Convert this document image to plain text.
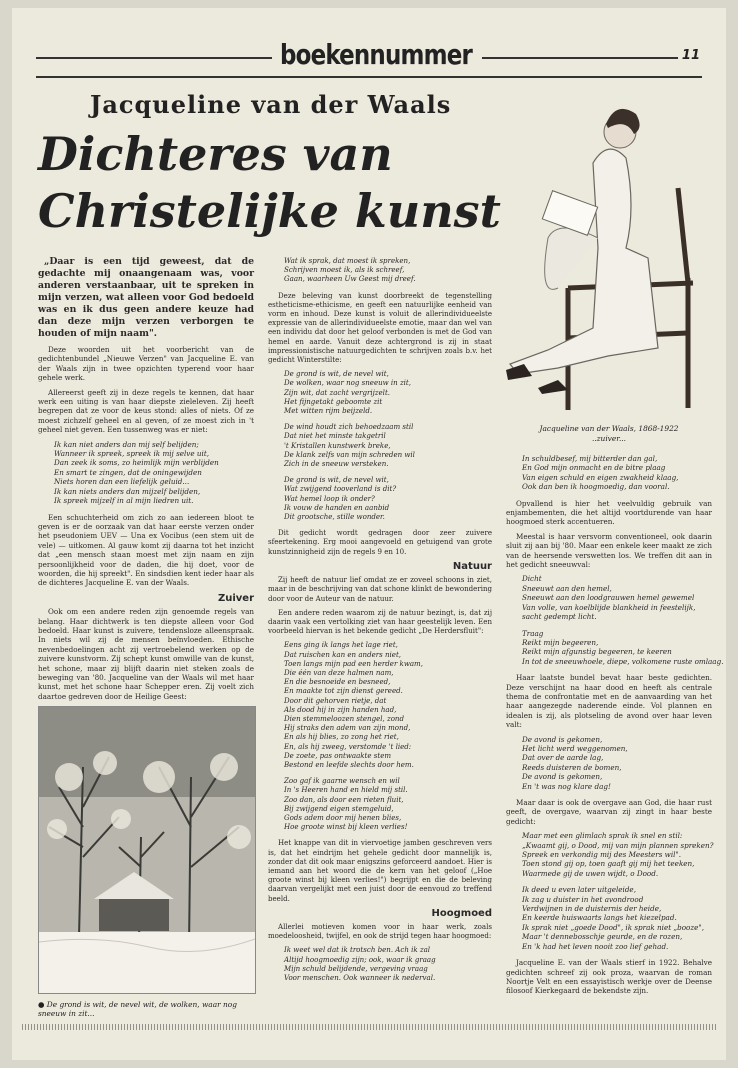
boekennummer	11
Jacqueline van der Waals
Dichteres van
Christelijke kunst

„Daar is een tijd geweest, dat de gedachte mij onaangenaam was, voor anderen verstaanbaar, uit te spreken in mijn verzen, wat alleen voor God bedoeld was en ik dus geen andere keuze had dan deze mijn verzen verborgen te houden of mijn naam".

Deze woorden uit het voorbericht van de gedichtenbundel „Nieuwe Verzen" van Jacqueline E. van der Waals zijn in twee opzichten typerend voor haar gehele werk.

Allereerst geeft zij in deze regels te kennen, dat haar werk een uiting is van haar diepste zieleleven. Zij heeft begrepen dat ze voor de keus stond: alles of niets. Of ze moest zichzelf geheel en al geven, of ze moest zich in 't geheel niet geven. Een tussenweg was er niet:

Ik kan niet anders dan mij self belijden;
Wanneer ik spreek, spreek ik mij selve uit,
Dan zeek ik soms, zo heimlijk mijn verblijden
En smart te zingen, dat de oningewijden
Niets horen dan een liefelijk geluid...
Ik kan niets anders dan mijzelf belijden,
Ik spreek mijzelf in al mijn liedren uit.

Een schuchterheid om zich zo aan iedereen bloot te geven is er de oorzaak van dat haar eerste verzen onder het pseudoniem UEV — Una ex Vocibus (een stem uit de vele) — uitkomen. Al gauw komt zij daarna tot het inzicht dat „een mensch staan moest met zijn naam en zijn persoonlijkheid voor de daden, die hij doet, voor de woorden, die hij spreekt". En sindsdien kent ieder haar als de dichteres Jacqueline E. van der Waals.

Zuiver

Ook om een andere reden zijn genoemde regels van belang. Haar dichtwerk is ten diepste alleen voor God bedoeld. Haar kunst is zuivere, tendensloze alleenspraak. In niets wil zij de mensen beïnvloeden. Ethische nevenbedoelingen acht zij vertroebelend werken op de zuivere kunstvorm. Zij schept kunst omwille van de kunst, het schone, maar zij blijft daarin niet steken zoals de beweging van '80. Jacqueline van der Waals wil met haar kunst, met het schone haar Schepper eren. Zij voelt zich daartoe gedreven door de Heilige Geest:

● De grond is wit, de nevel wit, de wolken, waar nog sneeuw in zit...
Wat ik sprak, dat moest ik spreken,
Schrijven moest ik, als ik schreef,
Gaan, waarheen Uw Geest mij dreef.

Deze beleving van kunst doorbreekt de tegenstelling estheticisme-ethicisme, en geeft een natuurlijke eenheid van vorm en inhoud. Deze kunst is voluit de allerindividueelste expressie van de allerindividueelste emotie, maar dan wel van een individu dat door het geloof verbonden is met de God van hemel en aarde. Vanuit deze achtergrond is zij in staat impressionistische natuurgedichten te schrijven zoals b.v. het gedicht Winterstilte:

De grond is wit, de nevel wit,
De wolken, waar nog sneeuw in zit,
Zijn wit, dat zacht vergrijzelt.
Het fijngetakt geboomte zit
Met witten rijm beijzeld.
De wind houdt zich behoedzaam stil
Dat niet het minste takgetril
't Kristallen kunstwerk breke,
De klank zelfs van mijn schreden wil
Zich in de sneeuw versteken.
De grond is wit, de nevel wit,
Wat zwijgend tooverland is dit?
Wat hemel loop ik onder?
Ik vouw de handen en aanbid
Dit grootsche, stille wonder.

Dit gedicht wordt gedragen door zeer zuivere sfeertekening. Erg mooi aangevoeld en getuigend van grote kunstzinnigheid zijn de regels 9 en 10.

Natuur

Zij heeft de natuur lief omdat ze er zoveel schoons in ziet, maar in de beschrijving van dat schone klinkt de bewondering door voor de Auteur van de natuur.

Een andere reden waarom zij de natuur bezingt, is, dat zij daarin vaak een vertolking ziet van haar geestelijk leven. Een voorbeeld hiervan is het bekende gedicht „De Herdersfluit":

Eens ging ik langs het lage riet,
Dat ruischen kan en anders niet,
Toen langs mijn pad een herder kwam,
Die één van deze halmen nam,
En die besnoeide en besneed,
En maakte tot zijn dienst gereed.
Door dit gehorven rietje, dat
Als dood hij in zijn handen had,
Dien stemmeloozen stengel, zond
Hij straks den adem van zijn mond,
En als hij blies, zo zong het riet,
En, als hij zweeg, verstomde 't lied:
De zoete, pas ontwaakte stem
Bestond en leefde slechts door hem.
Zoo gaf ik gaarne wensch en wil
In 's Heeren hand en hield mij stil.
Zoo dan, als door een rieten fluit,
Bij zwijgend eigen stemgeluid,
Gods adem door mij henen blies,
Hoe groote winst bij kleen verlies!

Het knappe van dit in viervoetige jamben geschreven vers is, dat het eindrijm het gehele gedicht door mannelijk is, zonder dat dit ook maar enigszins geforceerd aandoet. Hier is iemand aan het woord die de kern van het geloof („Hoe groote winst bij kleen verlies!") begrijpt en die de beleving daarvan vergelijkt met een juist door de eenvoud zo treffend beeld.

Hoogmoed

Allerlei motieven komen voor in haar werk, zoals moedeloosheid, twijfel, en ook de strijd tegen haar hoogmoed:

Ik weet wel dat ik trotsch ben. Ach ik zal
Altijd hoogmoedig zijn; ook, waar ik graag
Mijn schuld belijdende, vergeving vraag
Voor menschen. Ook wanneer ik nederval.
Jacqueline van der Waals, 1868-1922
..zuiver...
In schuldbesef, mij bitterder dan gal,
En God mijn onmacht en de bitre plaag
Van eigen schuld en eigen zwakheid klaag,
Ook dan ben ik hoogmoedig, dan vooral.

Opvallend is hier het veelvuldig gebruik van enjambementen, die het altijd voortdurende van haar hoogmoed sterk accentueren.

Meestal is haar versvorm conventioneel, ook daarin sluit zij aan bij '80. Maar een enkele keer maakt ze zich van de heersende verswetten los. We treffen dit aan in het gedicht sneeuwval:

Dicht
Sneeuwt aan den hemel,
Sneeuwt aan den loodgrauwen hemel gewemel
Van volle, van koelblijde blankheid in feestelijk,
sacht gedempt licht.
Traag
Reikt mijn begeeren,
Reikt mijn afgunstig begeeren, te keeren
In tot de sneeuwhoele, diepe, volkomene ruste omlaag.

Haar laatste bundel bevat haar beste gedichten. Deze verschijnt na haar dood en heeft als centrale thema de confrontatie met en de aanvaarding van het haar aangezegde naderende einde. Vol plannen en idealen is zij, als plotseling de avond over haar leven valt:

De avond is gekomen,
Het licht werd weggenomen,
Dat over de aarde lag,
Reeds duisteren de bomen,
De avond is gekomen,
En 't was nog klare dag!

Maar daar is ook de overgave aan God, die haar rust geeft, de overgave, waarvan zij zingt in haar beste gedicht:

Maar met een glimlach sprak ik snel en stil:
„Kwaamt gij, o Dood, mij van mijn plannen spreken?
Spreek en verkondig mij des Meesters wil".
Toen stond gij op, toen gaaft gij mij het teeken,
Waarmede gij de uwen wijdt, o Dood.
Ik deed u even later uitgeleide,
Ik zag u duister in het avondrood
Verdwijnen in de duisternis der heide,
En keerde huiswaarts langs het kiezelpad.
Ik sprak niet „goede Dood", ik sprak niet „booze",
Maar 't dennebosschje geurde, en de rozen,
En 'k had het leven nooit zoo lief gehad.

Jacqueline E. van der Waals stierf in 1922. Behalve gedichten schreef zij ook proza, waarvan de roman Noortje Velt en een essayistisch werkje over de Deense filosoof Kierkegaard de bekendste zijn.
